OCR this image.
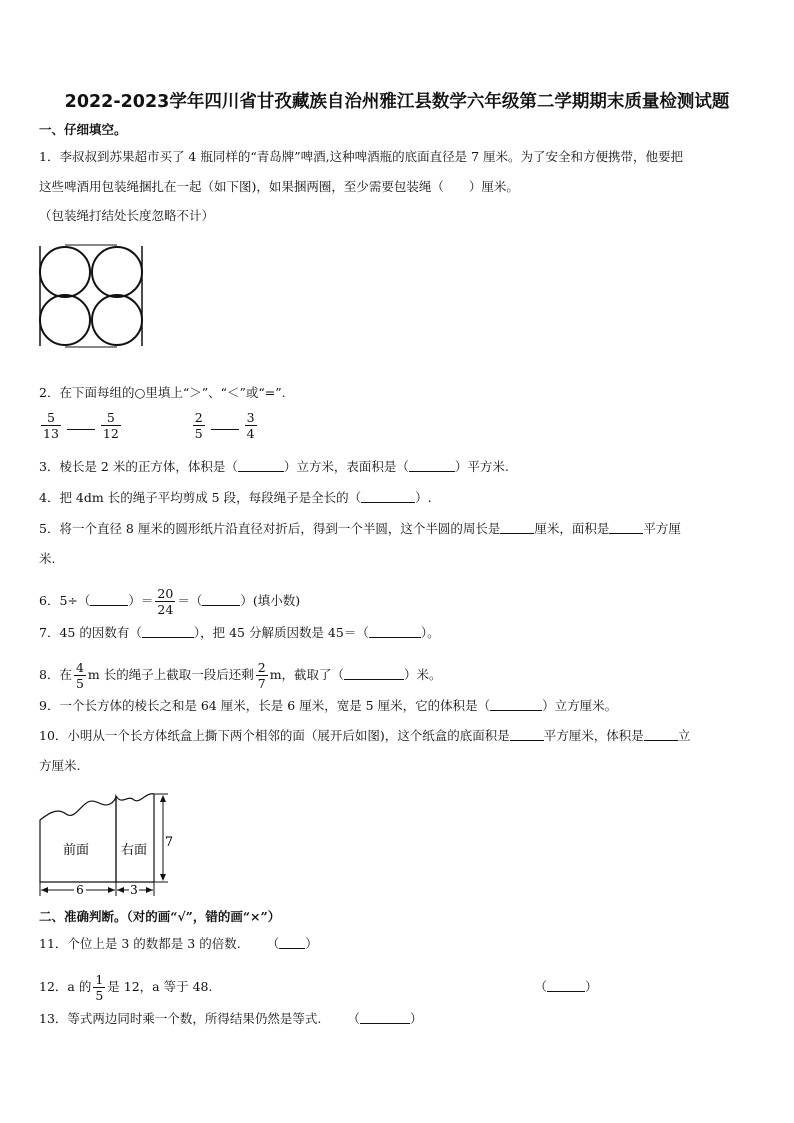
2022-2023学年四川省甘孜藏族自治州雅江县数学六年级第二学期期末质量检测试题
一、仔细填空。
1．李叔叔到苏果超市买了 4 瓶同样的“青岛牌”啤酒,这种啤酒瓶的底面直径是 7 厘米。为了安全和方便携带，他要把
这些啤酒用包装绳捆扎在一起（如下图)，如果捆两圈，至少需要包装绳（　　）厘米。
（包装绳打结处长度忽略不计）
2．在下面每组的○里填上“＞”、“＜”或“=”.
$\frac{5}{13}$
	$\frac{5}{12}$
	$\frac{2}{5}$
	$\frac{3}{4}$
3．棱长是 2 米的正方体，体积是（	）立方米，表面积是（	）平方米.
4．把 4dm 长的绳子平均剪成 5 段，每段绳子是全长的（	）.
5．将一个直径 8 厘米的圆形纸片沿直径对折后，得到一个半圆，这个半圆的周长是	厘米，面积是	平方厘
米.
6．5÷（	）＝ $\frac{20}{24}$ ＝（	）(填小数)
7．45 的因数有（	），把 45 分解质因数是 45＝（	）。
8．在 $\frac{4}{5}$ m 长的绳子上截取一段后还剩 $\frac{2}{7}$ m，截取了（	）米。
9．一个长方体的棱长之和是 64 厘米，长是 6 厘米，宽是 5 厘米，它的体积是（	）立方厘米。
10．小明从一个长方体纸盒上撕下两个相邻的面（展开后如图)，这个纸盒的底面积是	平方厘米，体积是	立
方厘米.
前面 右面
7
6	3
二、准确判断。（对的画“√”，错的画“×”）
11．个位上是 3 的数都是 3 的倍数. （ ）
12．a 的 $\frac{1}{5}$ 是 12，a 等于 48.	（	）
13．等式两边同时乘一个数，所得结果仍然是等式. （	）
